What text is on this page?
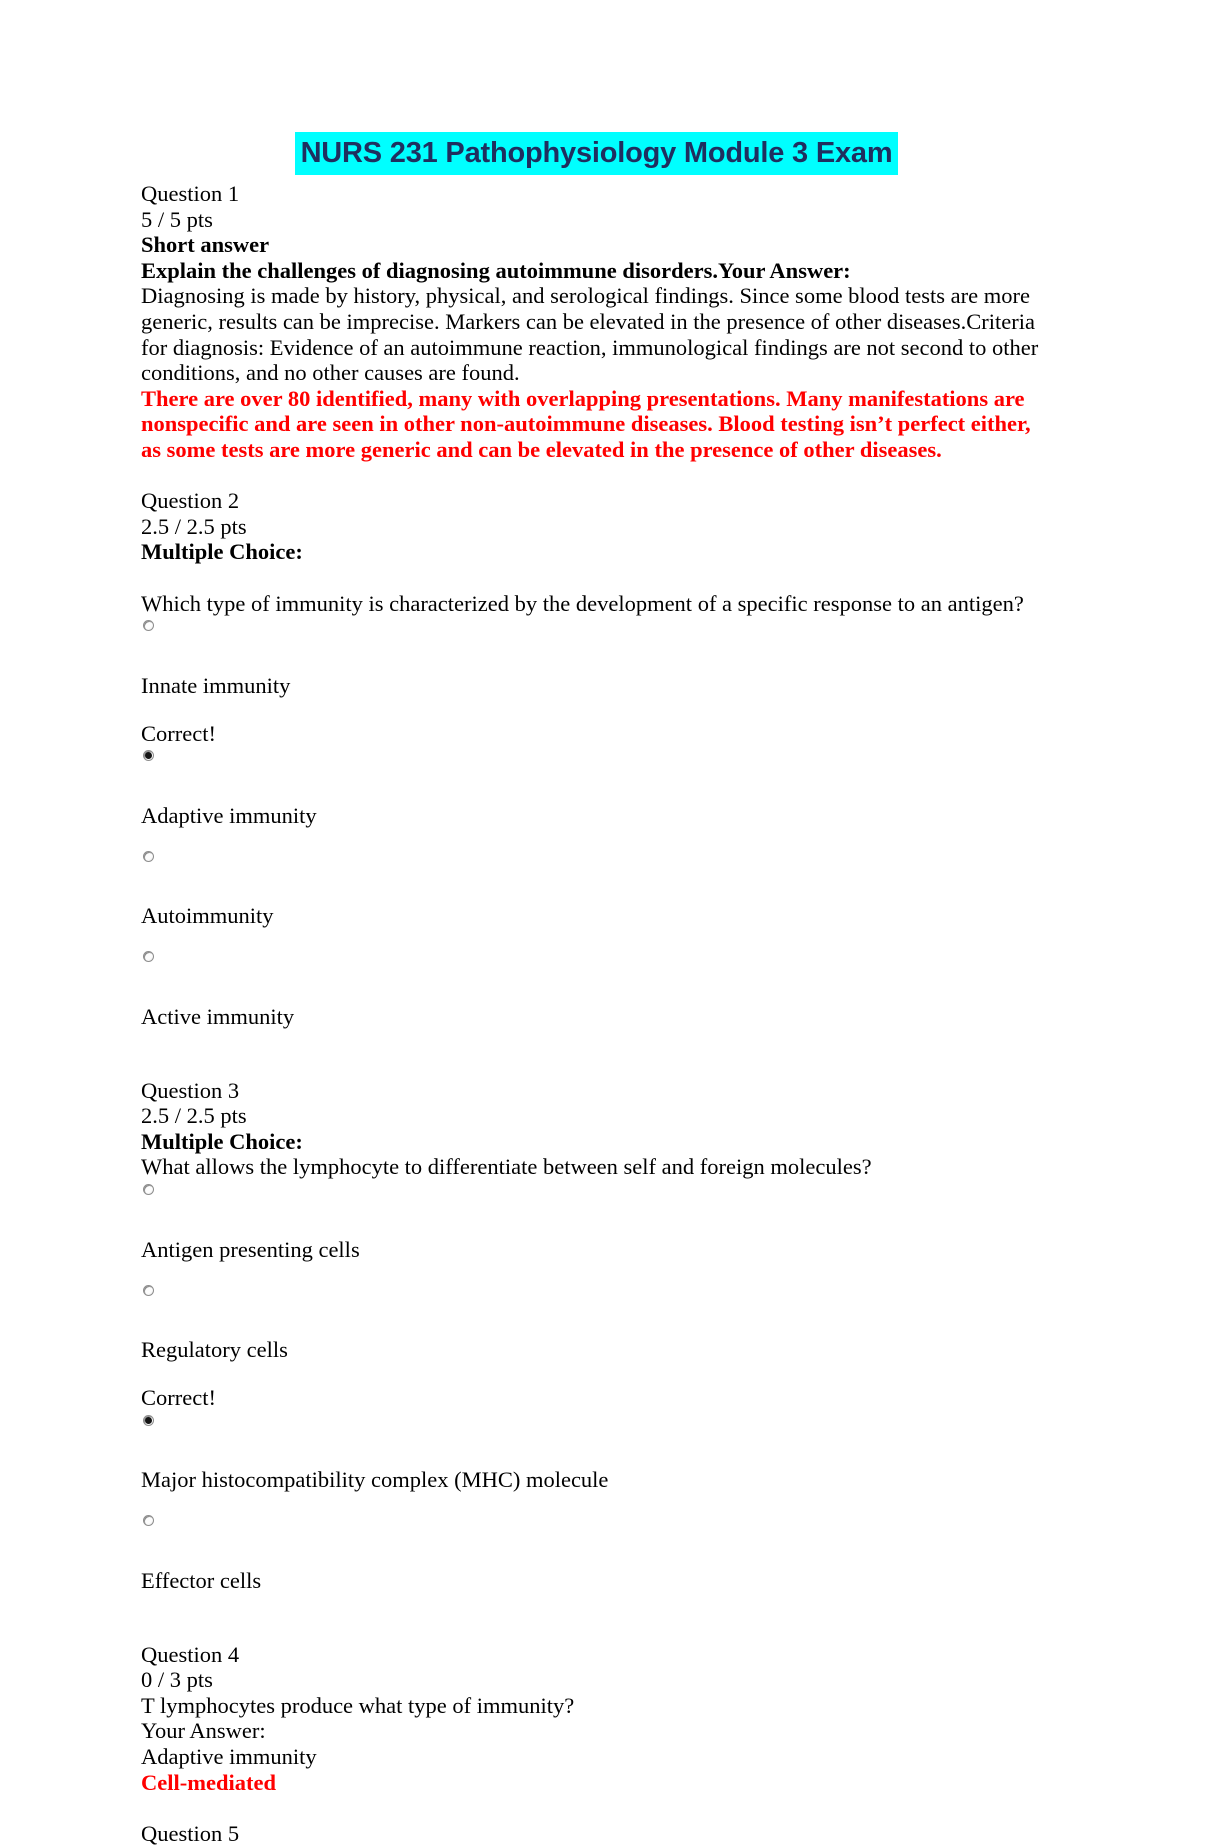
NURS 231 Pathophysiology Module 3 Exam

Question 1

5 / 5 pts

Short answer

Explain the challenges of diagnosing autoimmune disorders.Your Answer:

Diagnosing is made by history, physical, and serological findings. Since some blood tests are more generic, results can be imprecise. Markers can be elevated in the presence of other diseases.Criteria for diagnosis: Evidence of an autoimmune reaction, immunological findings are not second to other conditions, and no other causes are found.

There are over 80 identified, many with overlapping presentations. Many manifestations are nonspecific and are seen in other non-autoimmune diseases. Blood testing isn’t perfect either, as some tests are more generic and can be elevated in the presence of other diseases.

Question 2

2.5 / 2.5 pts

Multiple Choice:

Which type of immunity is characterized by the development of a specific response to an antigen?

Innate immunity

Correct!

Adaptive immunity

Autoimmunity

Active immunity

Question 3

2.5 / 2.5 pts

Multiple Choice:

What allows the lymphocyte to differentiate between self and foreign molecules?

Antigen presenting cells

Regulatory cells

Correct!

Major histocompatibility complex (MHC) molecule

Effector cells

Question 4

0 / 3 pts

T lymphocytes produce what type of immunity?

Your Answer:

Adaptive immunity

Cell-mediated

Question 5
